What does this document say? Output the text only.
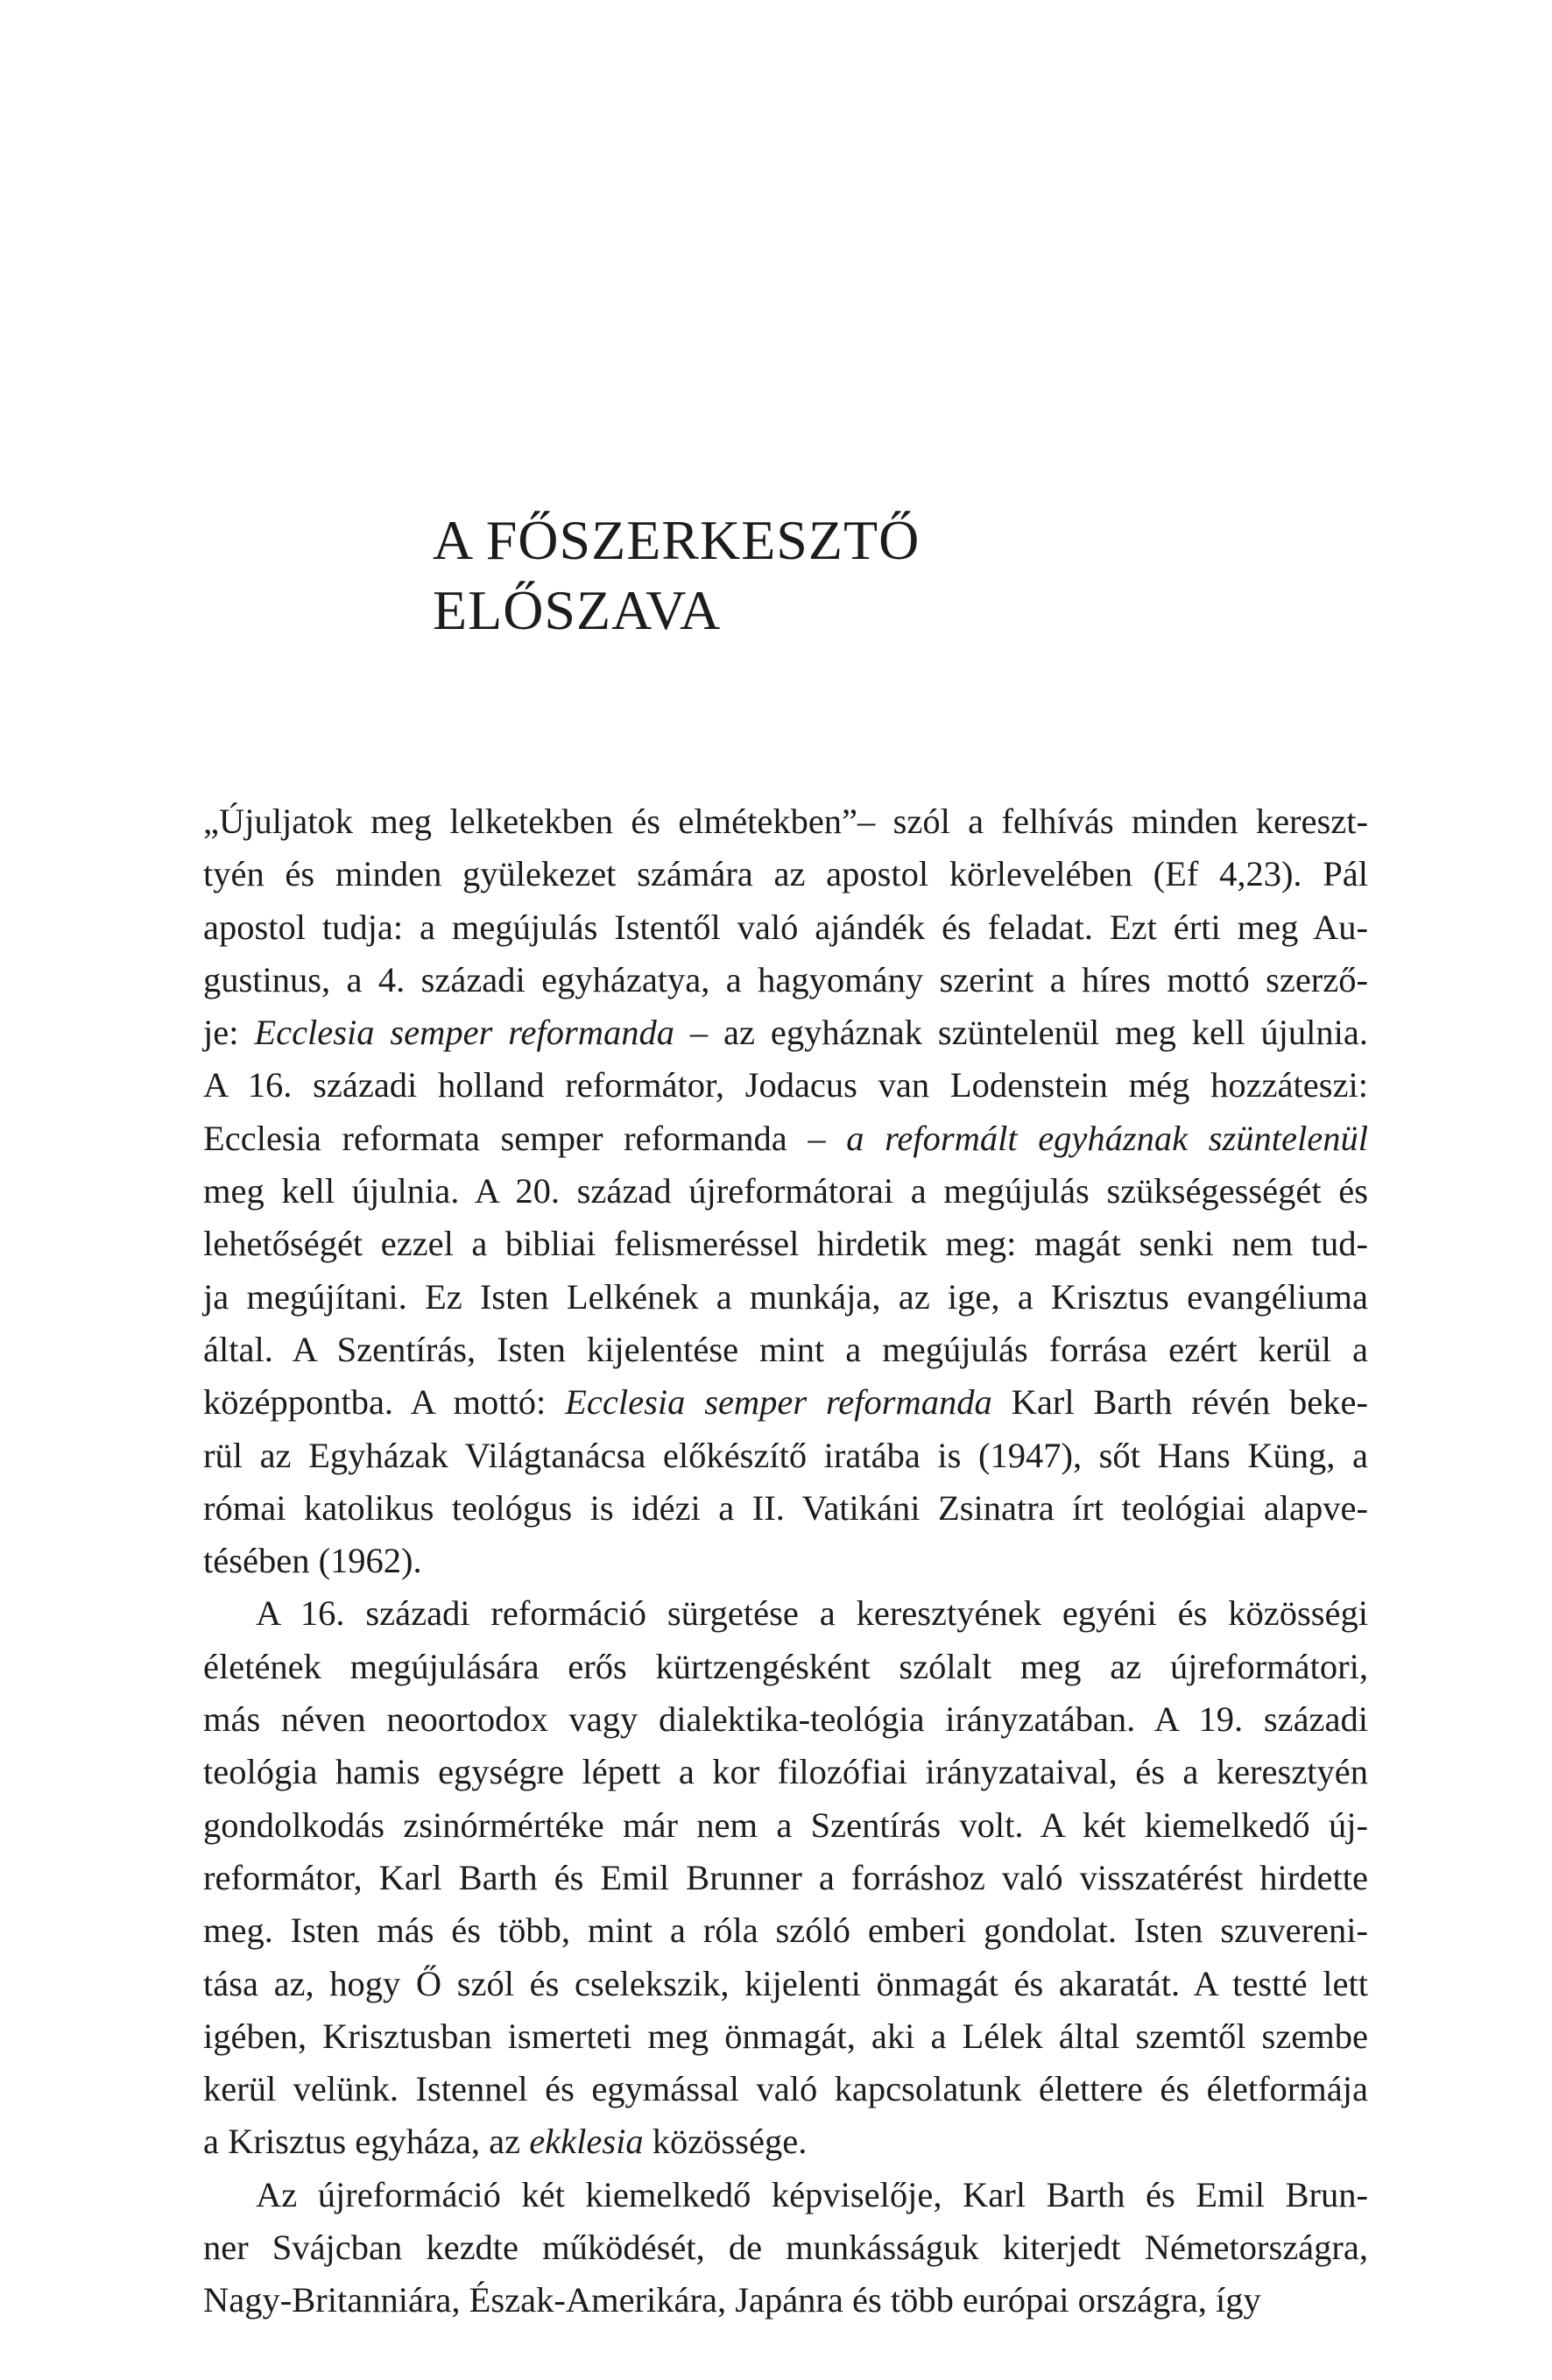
A FŐSZERKESZTŐ
ELŐSZAVA
„Újuljatok meg lelketekben és elmétekben”– szól a felhívás minden kereszt-
tyén és minden gyülekezet számára az apostol körlevelében (Ef 4,23). Pál
apostol tudja: a megújulás Istentől való ajándék és feladat. Ezt érti meg Au-
gustinus, a 4. századi egyházatya, a hagyomány szerint a híres mottó szerző-
je: Ecclesia semper reformanda – az egyháznak szüntelenül meg kell újulnia.
A 16. századi holland reformátor, Jodacus van Lodenstein még hozzáteszi:
Ecclesia reformata semper reformanda – a reformált egyháznak szüntelenül
meg kell újulnia. A 20. század újreformátorai a megújulás szükségességét és
lehetőségét ezzel a bibliai felismeréssel hirdetik meg: magát senki nem tud-
ja megújítani. Ez Isten Lelkének a munkája, az ige, a Krisztus evangéliuma
által. A Szentírás, Isten kijelentése mint a megújulás forrása ezért kerül a
középpontba. A mottó: Ecclesia semper reformanda Karl Barth révén beke-
rül az Egyházak Világtanácsa előkészítő iratába is (1947), sőt Hans Küng, a
római katolikus teológus is idézi a II. Vatikáni Zsinatra írt teológiai alapve-
tésében (1962).
A 16. századi reformáció sürgetése a keresztyének egyéni és közösségi
életének megújulására erős kürtzengésként szólalt meg az újreformátori,
más néven neoortodox vagy dialektika-teológia irányzatában. A 19. századi
teológia hamis egységre lépett a kor filozófiai irányzataival, és a keresztyén
gondolkodás zsinórmértéke már nem a Szentírás volt. A két kiemelkedő új-
reformátor, Karl Barth és Emil Brunner a forráshoz való visszatérést hirdette
meg. Isten más és több, mint a róla szóló emberi gondolat. Isten szuvereni-
tása az, hogy Ő szól és cselekszik, kijelenti önmagát és akaratát. A testté lett
igében, Krisztusban ismerteti meg önmagát, aki a Lélek által szemtől szembe
kerül velünk. Istennel és egymással való kapcsolatunk élettere és életformája
a Krisztus egyháza, az ekklesia közössége.
Az újreformáció két kiemelkedő képviselője, Karl Barth és Emil Brun-
ner Svájcban kezdte működését, de munkásságuk kiterjedt Németországra,
Nagy-Britanniára, Észak-Amerikára, Japánra és több európai országra, így
